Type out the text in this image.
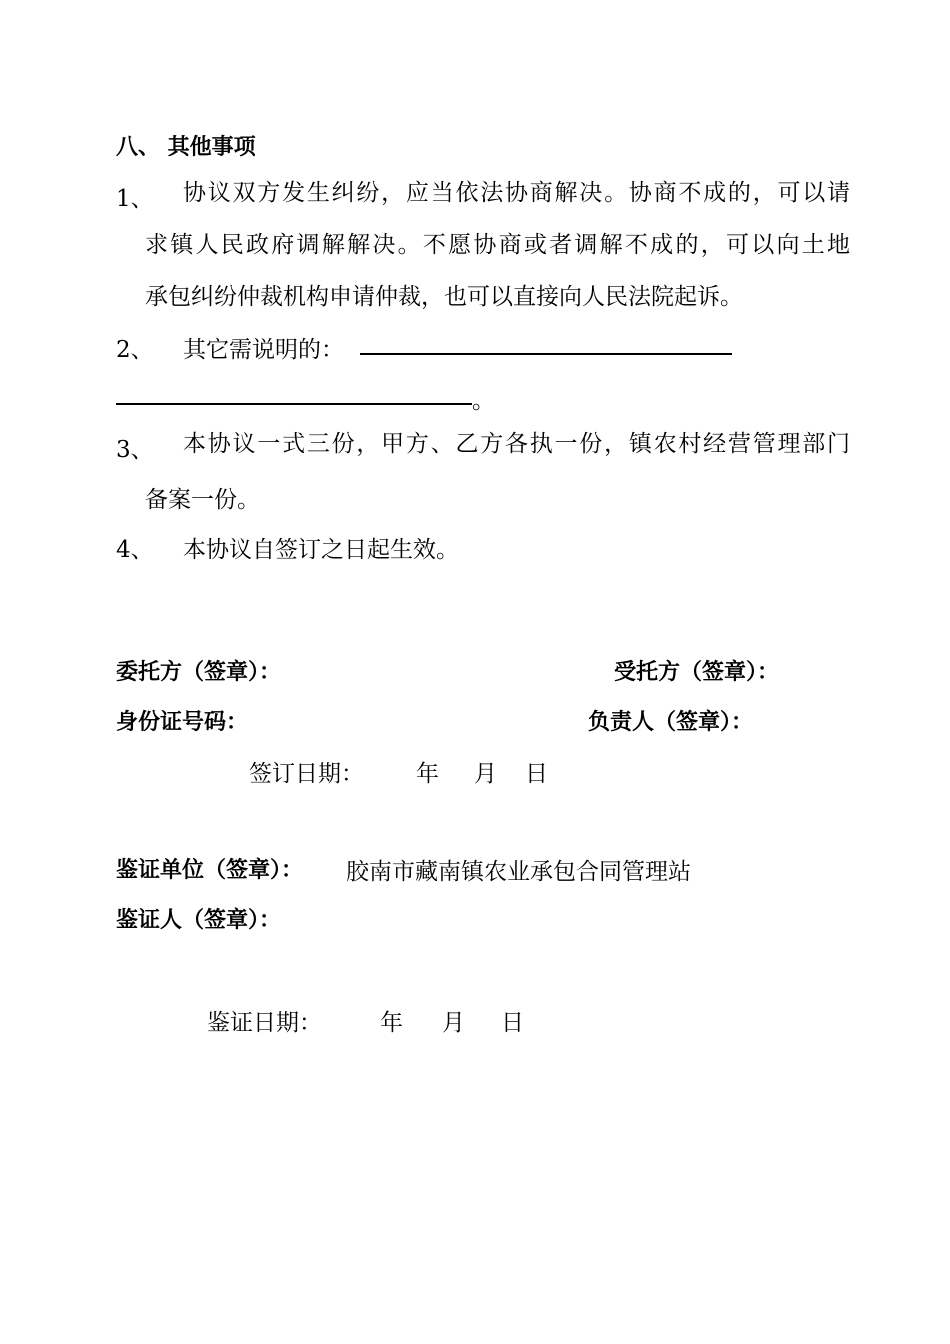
八、 其他事项
1、 协议双方发生纠纷，应当依法协商解决。协商不成的，可以请
求镇人民政府调解解决。不愿协商或者调解不成的，可以向土地
承包纠纷仲裁机构申请仲裁，也可以直接向人民法院起诉。
2、 其它需说明的：
。
3、 本协议一式三份，甲方、乙方各执一份，镇农村经营管理部门
备案一份。
4、 本协议自签订之日起生效。
委托方（签章）：	受托方（签章）：
身份证号码：	负责人（签章）：
签订日期： 年 月 日
鉴证单位（签章）： 胶南市藏南镇农业承包合同管理站
鉴证人（签章）：
鉴证日期：	年 月 日
